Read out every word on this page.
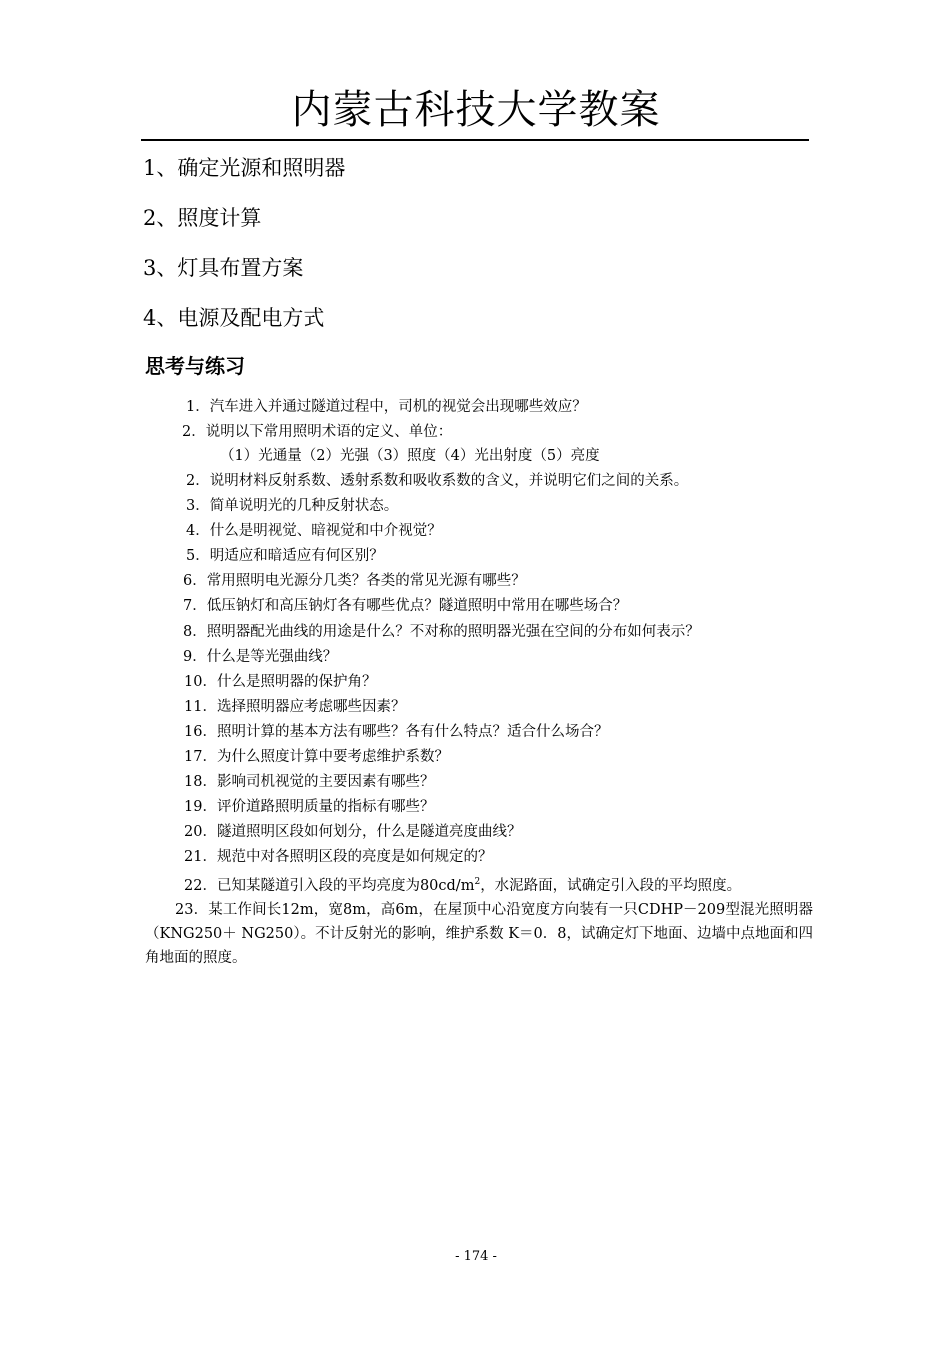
内蒙古科技大学教案

1、确定光源和照明器

2、照度计算

3、灯具布置方案

4、电源及配电方式

思考与练习

1．汽车进入并通过隧道过程中，司机的视觉会出现哪些效应？

2．说明以下常用照明术语的定义、单位：

（1）光通量（2）光强（3）照度（4）光出射度（5）亮度

2．说明材料反射系数、透射系数和吸收系数的含义，并说明它们之间的关系。

3．简单说明光的几种反射状态。

4．什么是明视觉、暗视觉和中介视觉？

5．明适应和暗适应有何区别？

6．常用照明电光源分几类？各类的常见光源有哪些？

7．低压钠灯和高压钠灯各有哪些优点？隧道照明中常用在哪些场合？

8．照明器配光曲线的用途是什么？不对称的照明器光强在空间的分布如何表示？

9．什么是等光强曲线？

10．什么是照明器的保护角？

11．选择照明器应考虑哪些因素？

16．照明计算的基本方法有哪些？各有什么特点？适合什么场合？

17．为什么照度计算中要考虑维护系数？

18．影响司机视觉的主要因素有哪些？

19．评价道路照明质量的指标有哪些？

20．隧道照明区段如何划分，什么是隧道亮度曲线？

21．规范中对各照明区段的亮度是如何规定的？

22．已知某隧道引入段的平均亮度为$80cd/m^2$，水泥路面，试确定引入段的平均照度。

23．某工作间长12m，宽8m，高6m，在屋顶中心沿宽度方向装有一只CDHP－209型混光照明器（KNG250＋ NG250）。不计反射光的影响，维护系数 K＝0．8，试确定灯下地面、边墙中点地面和四角地面的照度。

- 174 -
